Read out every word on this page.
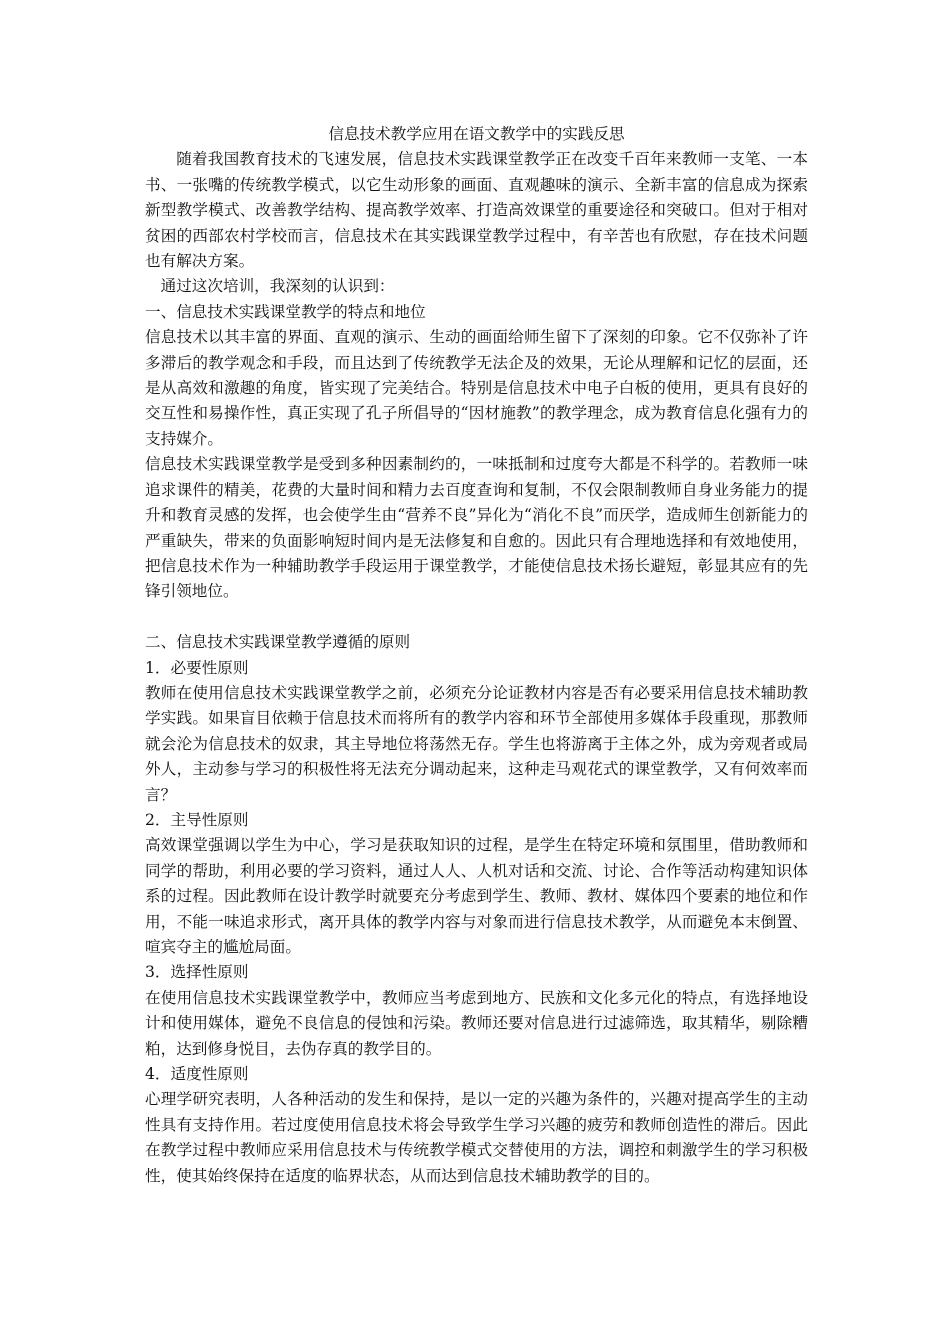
信息技术教学应用在语文教学中的实践反思

随着我国教育技术的飞速发展，信息技术实践课堂教学正在改变千百年来教师一支笔、一本书、一张嘴的传统教学模式，以它生动形象的画面、直观趣味的演示、全新丰富的信息成为探索新型教学模式、改善教学结构、提高教学效率、打造高效课堂的重要途径和突破口。但对于相对贫困的西部农村学校而言，信息技术在其实践课堂教学过程中，有辛苦也有欣慰，存在技术问题也有解决方案。

通过这次培训，我深刻的认识到：

一、信息技术实践课堂教学的特点和地位

信息技术以其丰富的界面、直观的演示、生动的画面给师生留下了深刻的印象。它不仅弥补了许多滞后的教学观念和手段，而且达到了传统教学无法企及的效果，无论从理解和记忆的层面，还是从高效和激趣的角度，皆实现了完美结合。特别是信息技术中电子白板的使用，更具有良好的交互性和易操作性，真正实现了孔子所倡导的“因材施教”的教学理念，成为教育信息化强有力的支持媒介。

信息技术实践课堂教学是受到多种因素制约的，一味抵制和过度夸大都是不科学的。若教师一味追求课件的精美，花费的大量时间和精力去百度查询和复制，不仅会限制教师自身业务能力的提升和教育灵感的发挥，也会使学生由“营养不良”异化为“消化不良”而厌学，造成师生创新能力的严重缺失，带来的负面影响短时间内是无法修复和自愈的。因此只有合理地选择和有效地使用，把信息技术作为一种辅助教学手段运用于课堂教学，才能使信息技术扬长避短，彰显其应有的先锋引领地位。

二、信息技术实践课堂教学遵循的原则

1．必要性原则

教师在使用信息技术实践课堂教学之前，必须充分论证教材内容是否有必要采用信息技术辅助教学实践。如果盲目依赖于信息技术而将所有的教学内容和环节全部使用多媒体手段重现，那教师就会沦为信息技术的奴隶，其主导地位将荡然无存。学生也将游离于主体之外，成为旁观者或局外人，主动参与学习的积极性将无法充分调动起来，这种走马观花式的课堂教学，又有何效率而言？

2．主导性原则

高效课堂强调以学生为中心，学习是获取知识的过程，是学生在特定环境和氛围里，借助教师和同学的帮助，利用必要的学习资料，通过人人、人机对话和交流、讨论、合作等活动构建知识体系的过程。因此教师在设计教学时就要充分考虑到学生、教师、教材、媒体四个要素的地位和作用，不能一味追求形式，离开具体的教学内容与对象而进行信息技术教学，从而避免本末倒置、喧宾夺主的尴尬局面。

3．选择性原则

在使用信息技术实践课堂教学中，教师应当考虑到地方、民族和文化多元化的特点，有选择地设计和使用媒体，避免不良信息的侵蚀和污染。教师还要对信息进行过滤筛选，取其精华，剔除糟粕，达到修身悦目，去伪存真的教学目的。

4．适度性原则

心理学研究表明，人各种活动的发生和保持，是以一定的兴趣为条件的，兴趣对提高学生的主动性具有支持作用。若过度使用信息技术将会导致学生学习兴趣的疲劳和教师创造性的滞后。因此在教学过程中教师应采用信息技术与传统教学模式交替使用的方法，调控和刺激学生的学习积极性，使其始终保持在适度的临界状态，从而达到信息技术辅助教学的目的。
